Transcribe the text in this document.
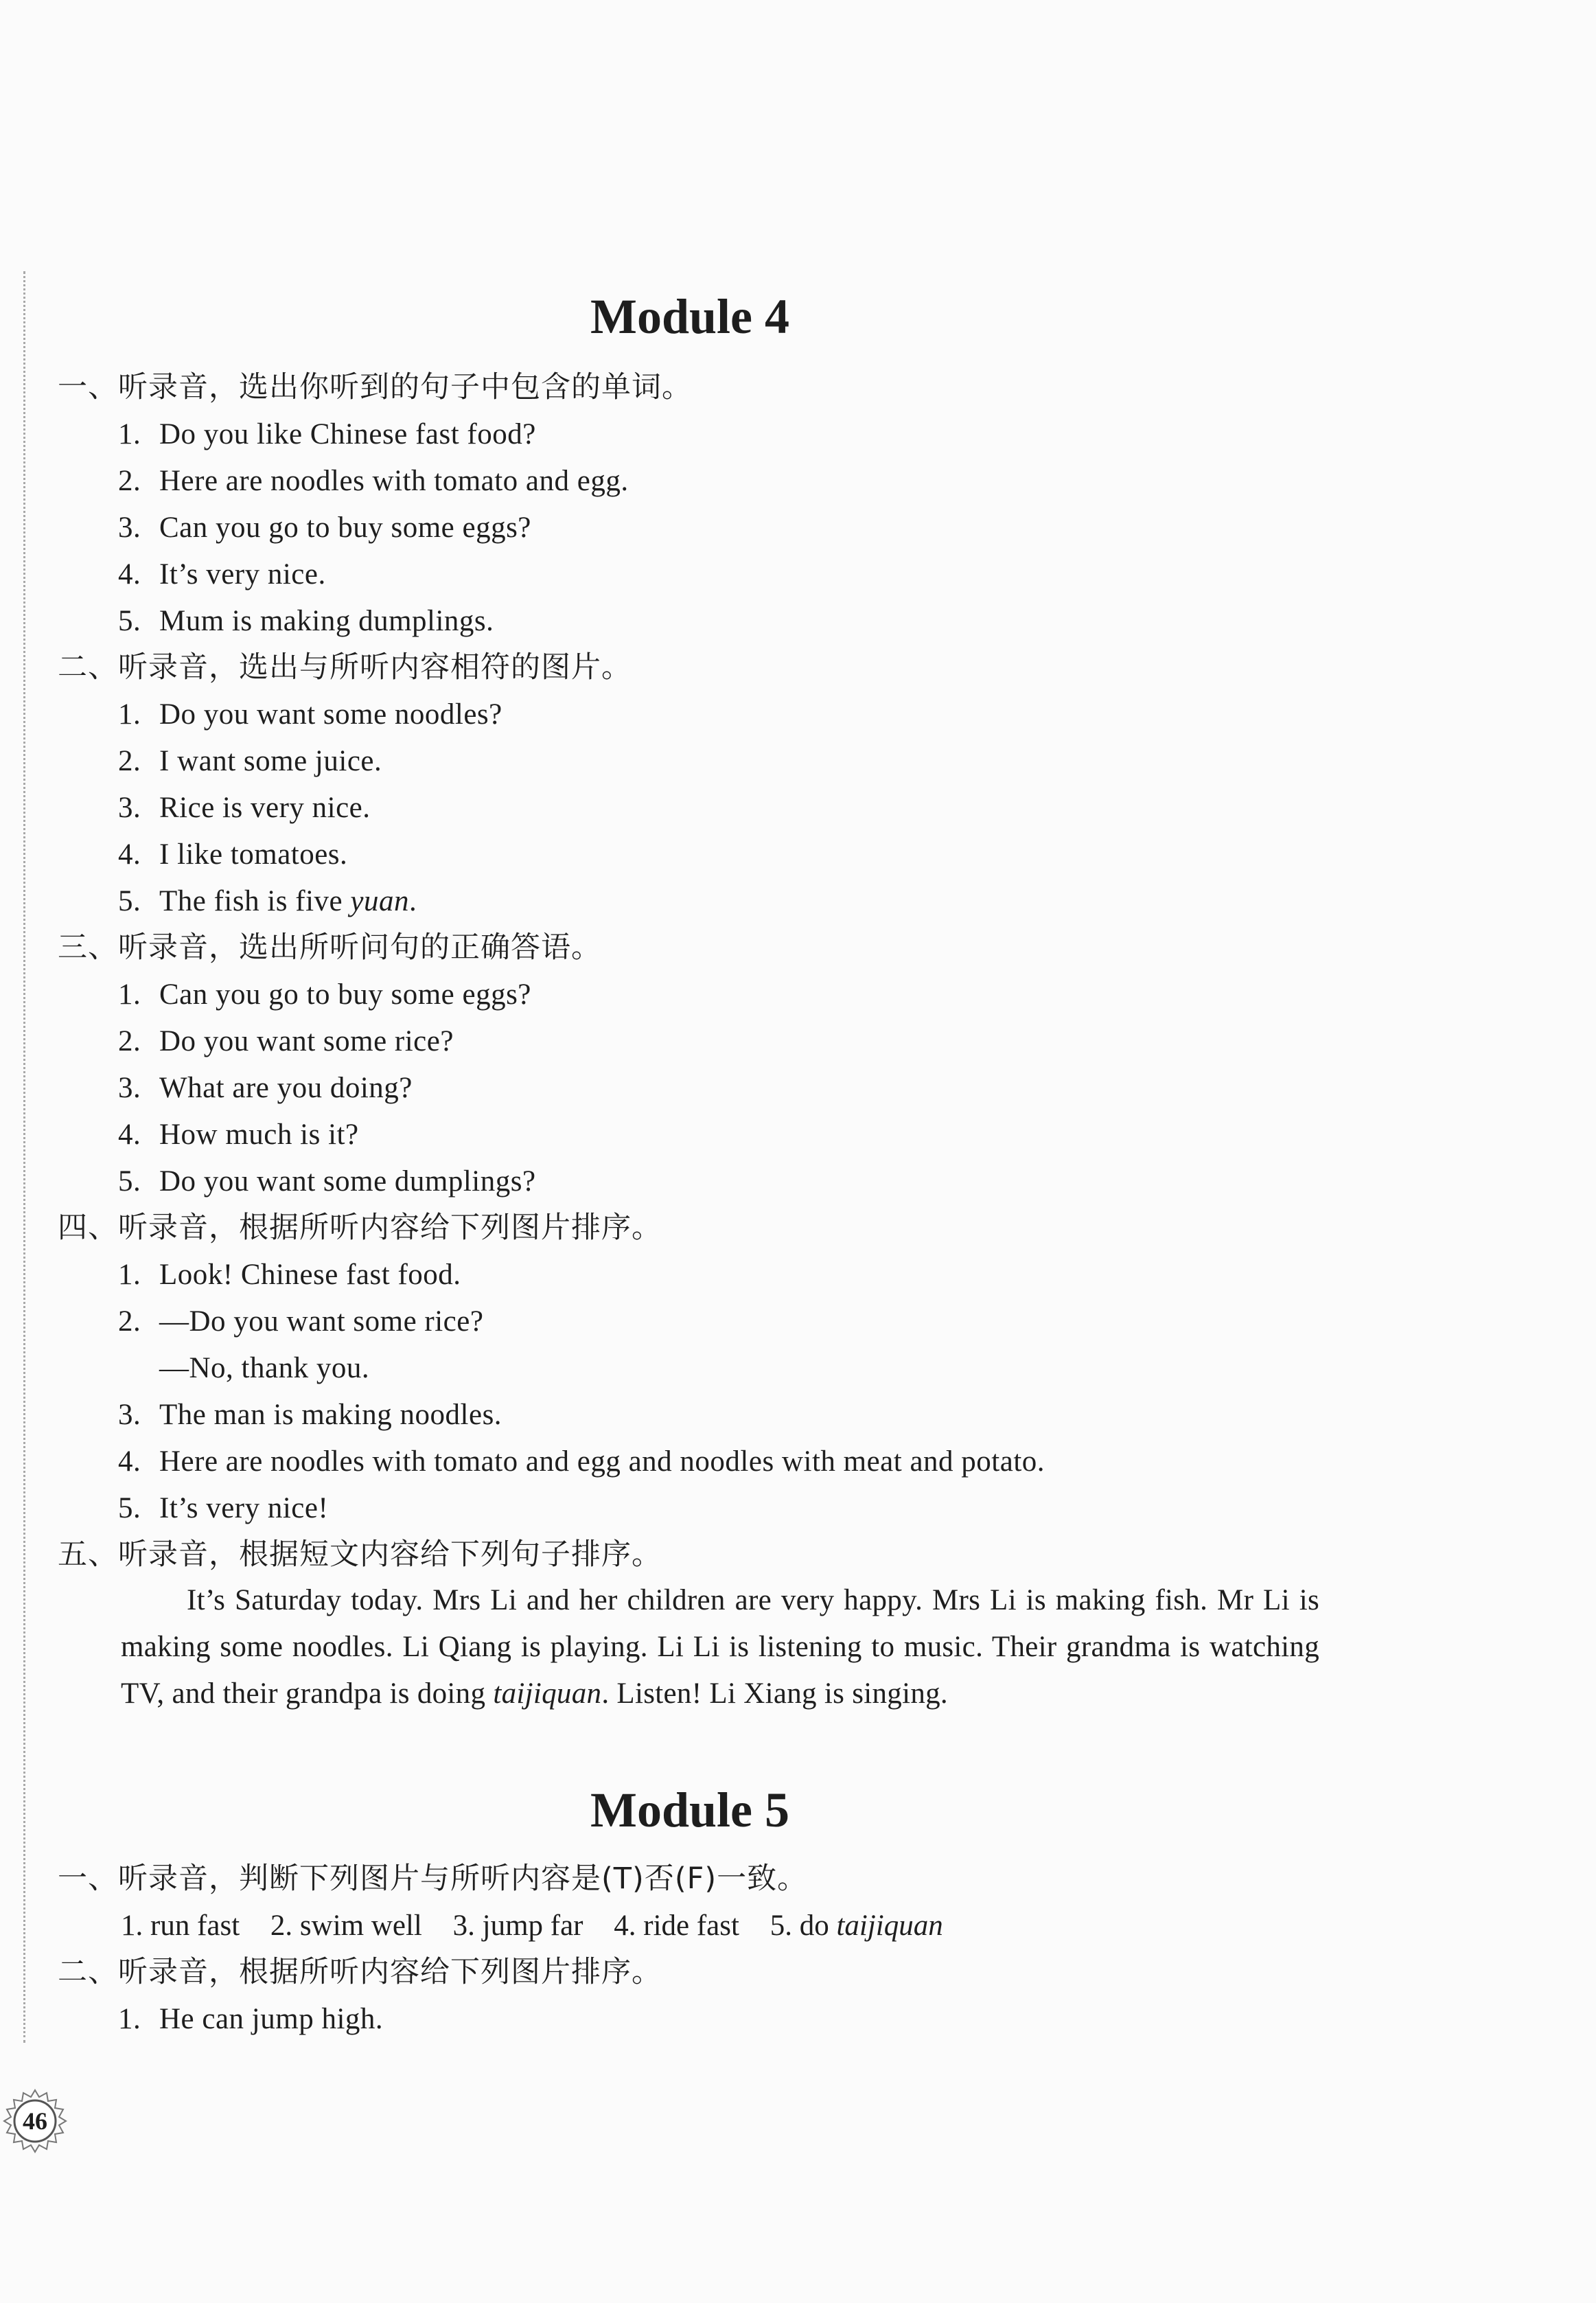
Module 4

一、听录音，选出你听到的句子中包含的单词。

1. Do you like Chinese fast food?

2. Here are noodles with tomato and egg.

3. Can you go to buy some eggs?

4. It’s very nice.

5. Mum is making dumplings.

二、听录音，选出与所听内容相符的图片。

1. Do you want some noodles?

2. I want some juice.

3. Rice is very nice.

4. I like tomatoes.

5. The fish is five yuan.

三、听录音，选出所听问句的正确答语。

1. Can you go to buy some eggs?

2. Do you want some rice?

3. What are you doing?

4. How much is it?

5. Do you want some dumplings?

四、听录音，根据所听内容给下列图片排序。

1. Look! Chinese fast food.

2. —Do you want some rice?

—No, thank you.

3. The man is making noodles.

4. Here are noodles with tomato and egg and noodles with meat and potato.

5. It’s very nice!

五、听录音，根据短文内容给下列句子排序。

It’s Saturday today. Mrs Li and her children are very happy. Mrs Li is making fish. Mr Li is making some noodles. Li Qiang is playing. Li Li is listening to music. Their grandma is watching TV, and their grandpa is doing taijiquan. Listen! Li Xiang is singing.

Module 5

一、听录音，判断下列图片与所听内容是(T)否(F)一致。

1. run fast 2. swim well 3. jump far 4. ride fast 5. do taijiquan

二、听录音，根据所听内容给下列图片排序。

1. He can jump high.

46
